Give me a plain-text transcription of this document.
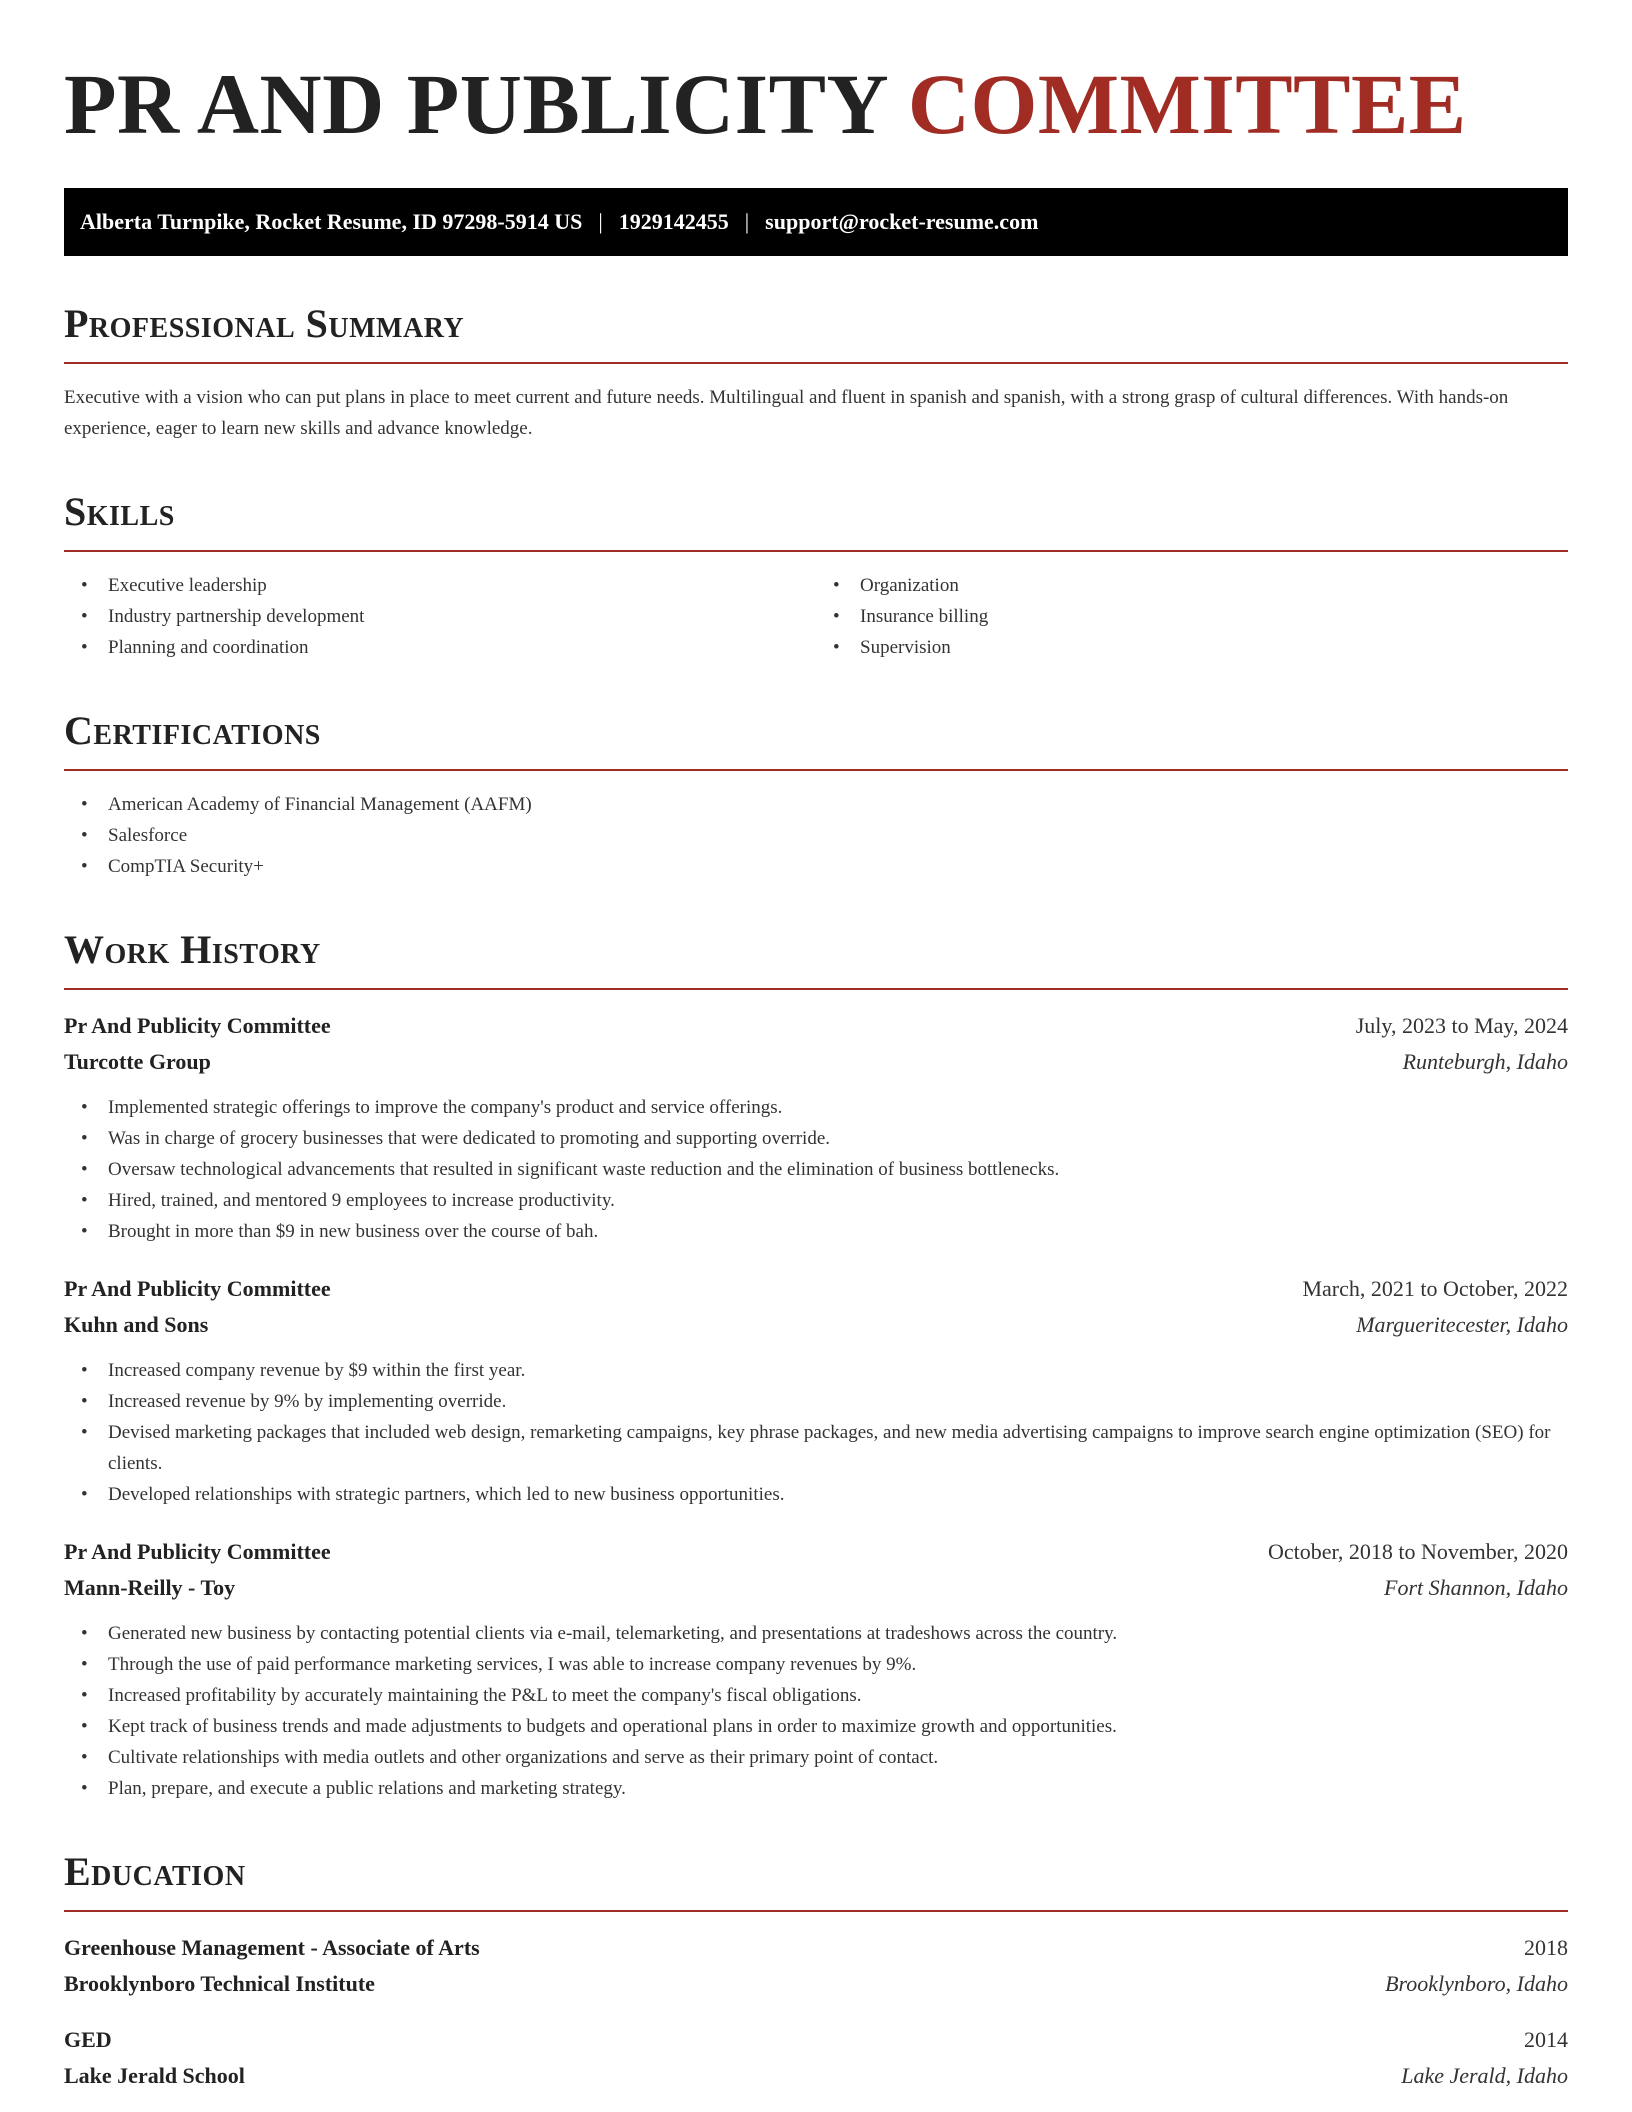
PR AND PUBLICITY COMMITTEE
Alberta Turnpike, Rocket Resume, ID 97298-5914 US | 1929142455 | support@rocket-resume.com
Professional Summary

Executive with a vision who can put plans in place to meet current and future needs. Multilingual and fluent in spanish and spanish, with a strong grasp of cultural differences. With hands-on experience, eager to learn new skills and advance knowledge.

Skills
• Executive leadership
• Industry partnership development
• Planning and coordination
• Organization
• Insurance billing
• Supervision
Certifications
• American Academy of Financial Management (AAFM)
• Salesforce
• CompTIA Security+
Work History
Pr And Publicity Committee	July, 2023 to May, 2024
Turcotte Group	Runteburgh, Idaho
• Implemented strategic offerings to improve the company's product and service offerings.
• Was in charge of grocery businesses that were dedicated to promoting and supporting override.
• Oversaw technological advancements that resulted in significant waste reduction and the elimination of business bottlenecks.
• Hired, trained, and mentored 9 employees to increase productivity.
• Brought in more than $9 in new business over the course of bah.
Pr And Publicity Committee	March, 2021 to October, 2022
Kuhn and Sons	Margueritecester, Idaho
• Increased company revenue by $9 within the first year.
• Increased revenue by 9% by implementing override.
• Devised marketing packages that included web design, remarketing campaigns, key phrase packages, and new media advertising campaigns to improve search engine optimization (SEO) for clients.
• Developed relationships with strategic partners, which led to new business opportunities.
Pr And Publicity Committee	October, 2018 to November, 2020
Mann-Reilly - Toy	Fort Shannon, Idaho
• Generated new business by contacting potential clients via e-mail, telemarketing, and presentations at tradeshows across the country.
• Through the use of paid performance marketing services, I was able to increase company revenues by 9%.
• Increased profitability by accurately maintaining the P&L to meet the company's fiscal obligations.
• Kept track of business trends and made adjustments to budgets and operational plans in order to maximize growth and opportunities.
• Cultivate relationships with media outlets and other organizations and serve as their primary point of contact.
• Plan, prepare, and execute a public relations and marketing strategy.
Education
Greenhouse Management - Associate of Arts	2018
Brooklynboro Technical Institute	Brooklynboro, Idaho
GED	2014
Lake Jerald School	Lake Jerald, Idaho
